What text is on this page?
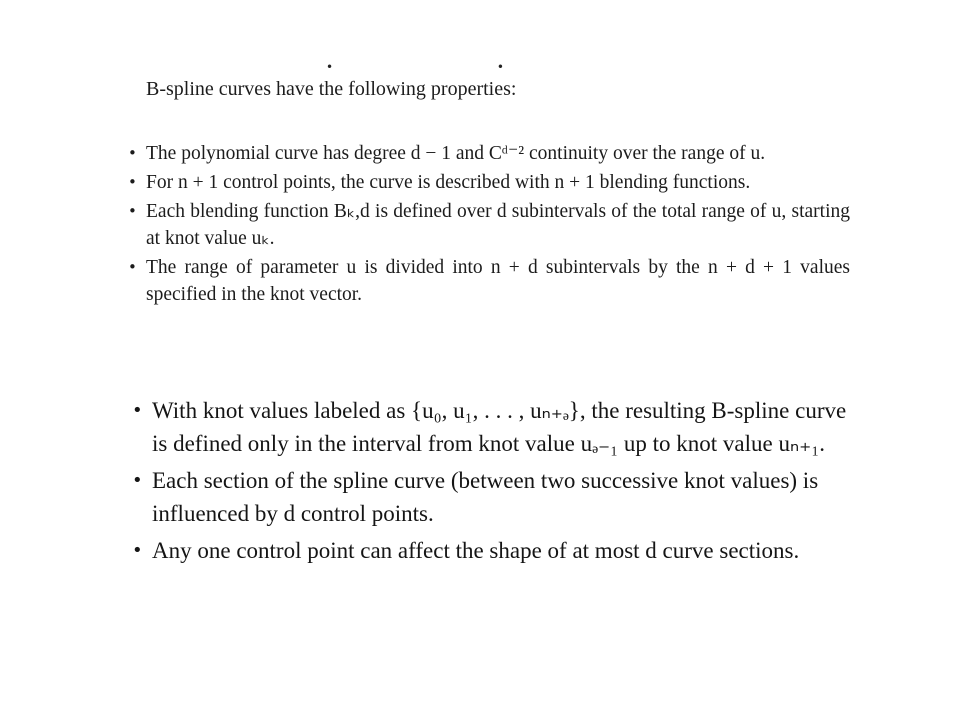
• •
B-spline curves have the following properties:
• The polynomial curve has degree d − 1 and Cᵈ⁻² continuity over the range of u.
• For n + 1 control points, the curve is described with n + 1 blending functions.
• Each blending function Bₖ,d is defined over d subintervals of the total range of u, starting at knot value uₖ.
• The range of parameter u is divided into n + d subintervals by the n + d + 1 values specified in the knot vector.
• With knot values labeled as {u₀, u₁, . . . , uₙ₊ₔ}, the resulting B-spline curve is defined only in the interval from knot value uₔ₋₁ up to knot value uₙ₊₁.
• Each section of the spline curve (between two successive knot values) is influenced by d control points.
• Any one control point can affect the shape of at most d curve sections.
